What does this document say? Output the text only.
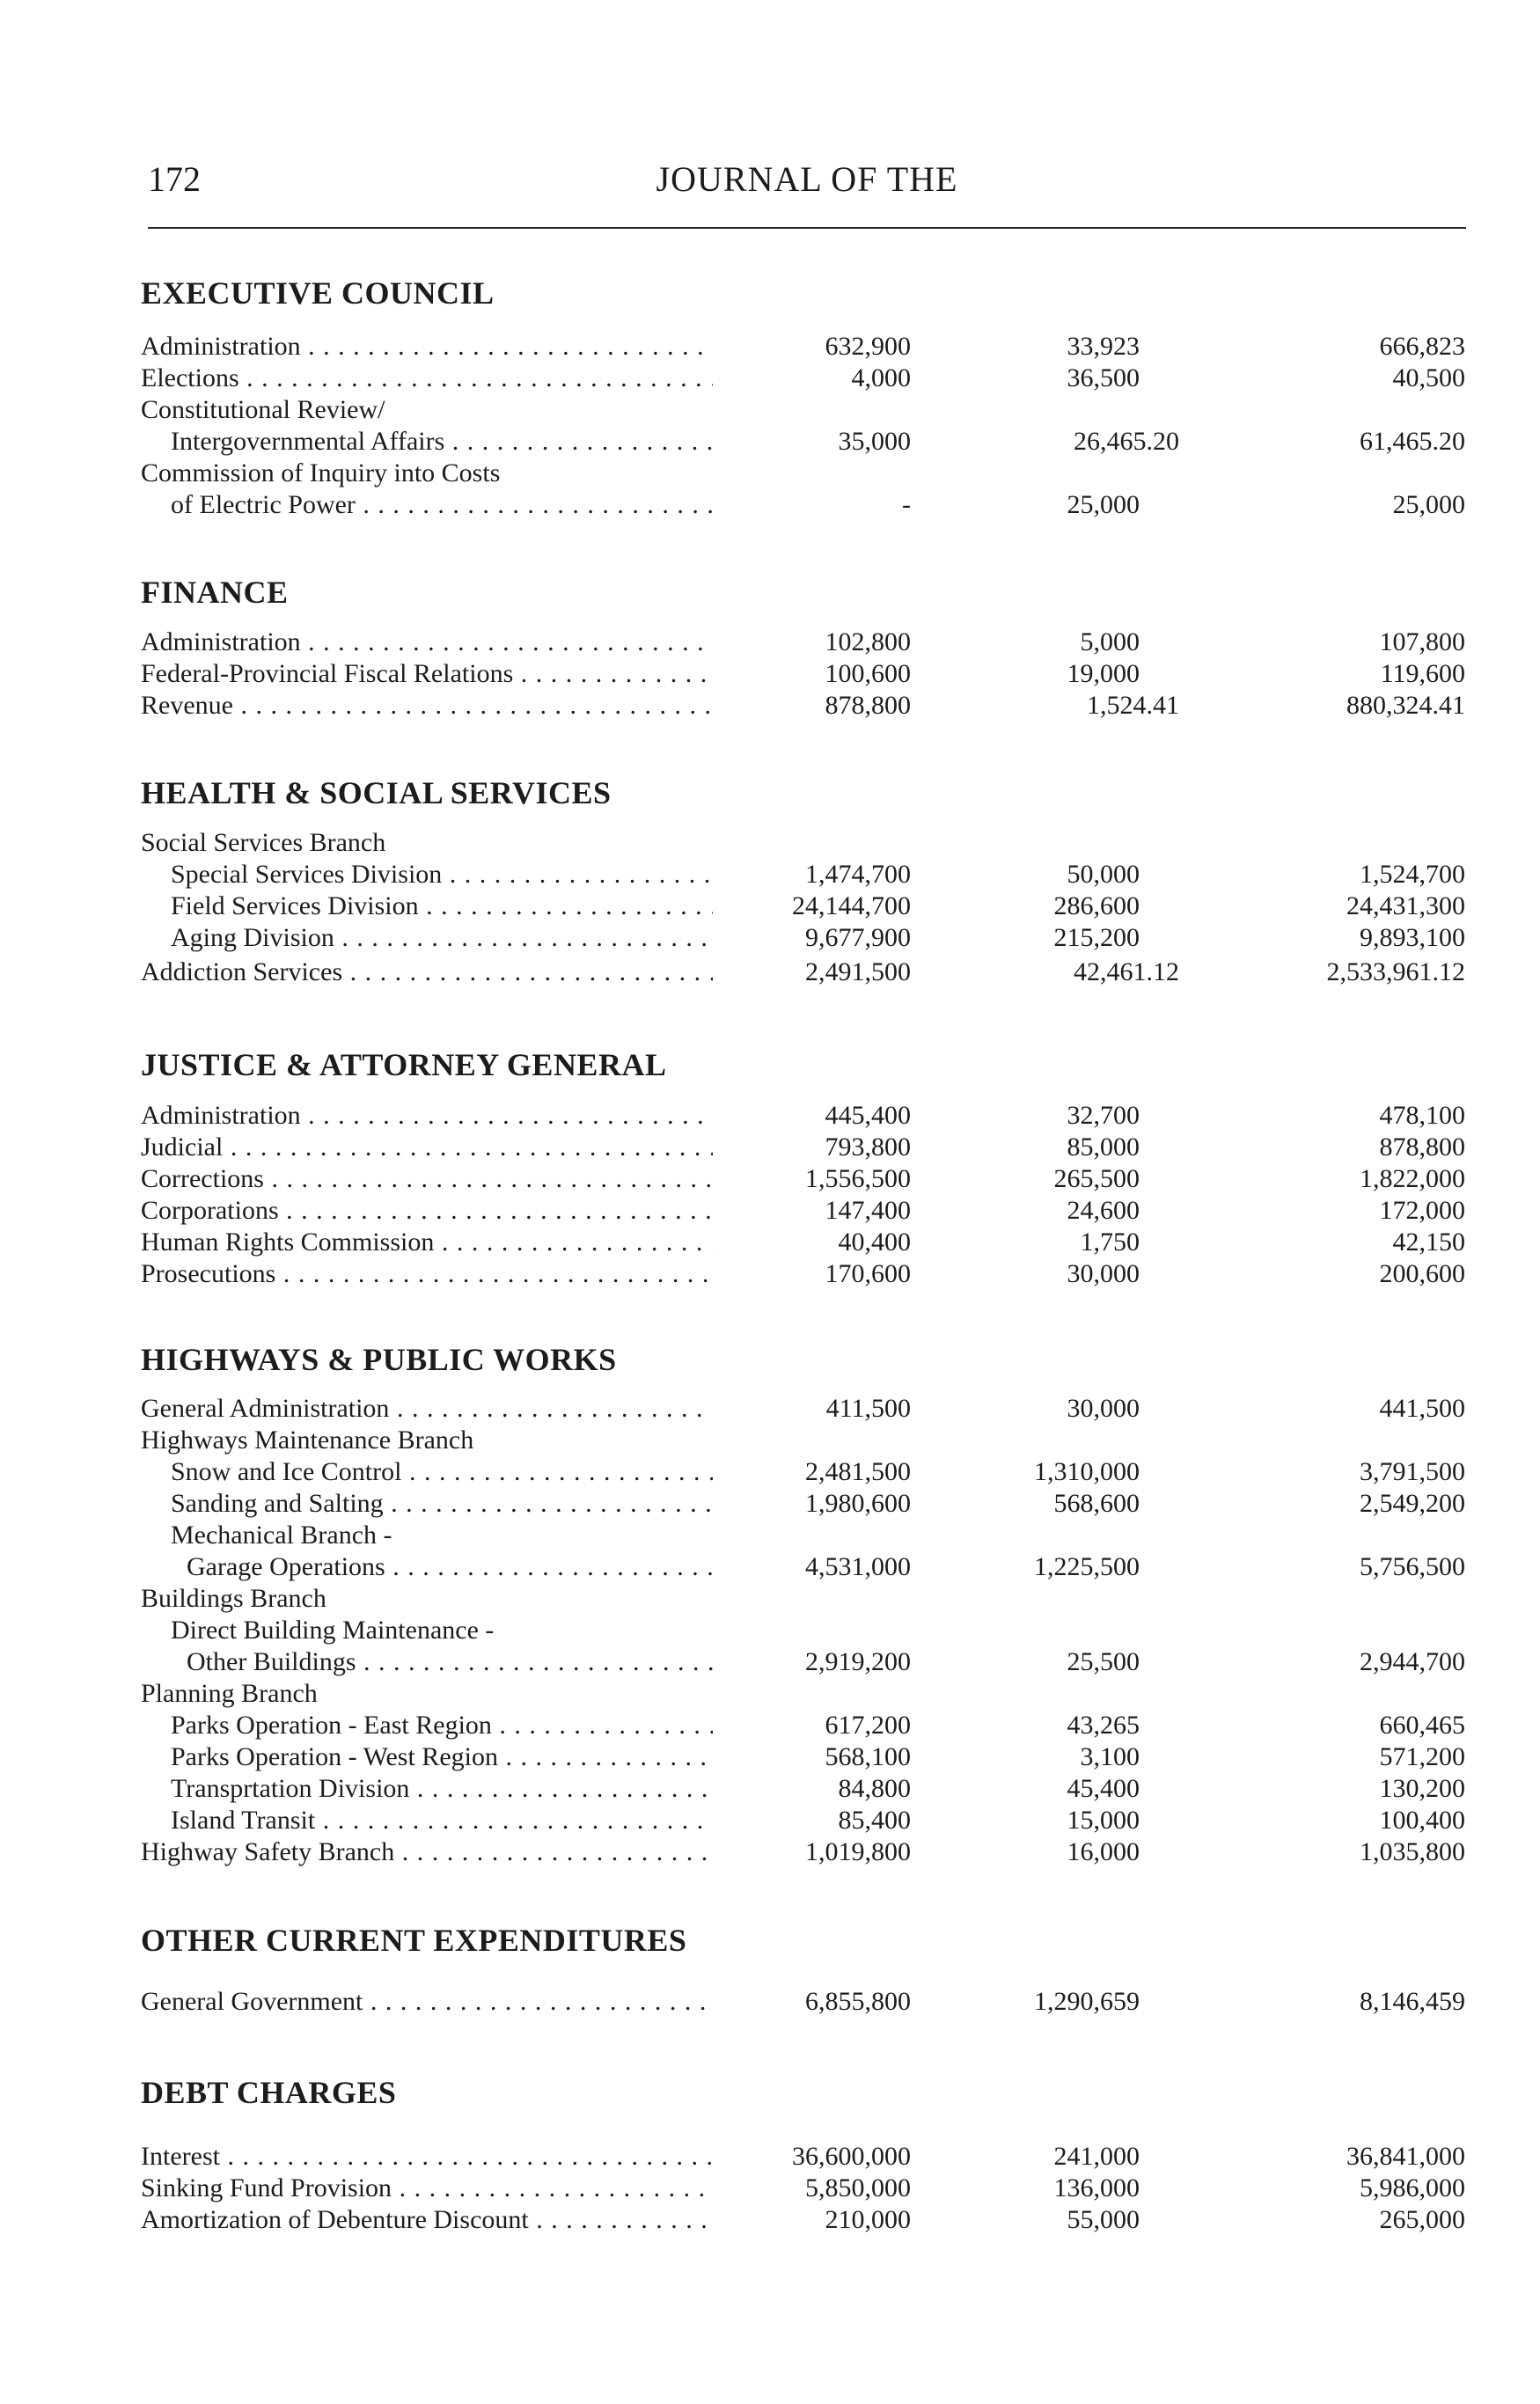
172	JOURNAL OF THE
EXECUTIVE COUNCIL
Administration . . .	632,900	33,923	666,823
Elections . . .	4,000	36,500	40,500
Constitutional Review/
Intergovernmental Affairs . . .	35,000	26,465.20	61,465.20
Commission of Inquiry into Costs
of Electric Power . . .	-	25,000	25,000
FINANCE
Administration . . .	102,800	5,000	107,800
Federal-Provincial Fiscal Relations . . .	100,600	19,000	119,600
Revenue . . .	878,800	1,524.41	880,324.41
HEALTH & SOCIAL SERVICES
Social Services Branch
Special Services Division . . .	1,474,700	50,000	1,524,700
Field Services Division . . .	24,144,700	286,600	24,431,300
Aging Division . . .	9,677,900	215,200	9,893,100
Addiction Services . . .	2,491,500	42,461.12	2,533,961.12
JUSTICE & ATTORNEY GENERAL
Administration . . .	445,400	32,700	478,100
Judicial . . .	793,800	85,000	878,800
Corrections . . .	1,556,500	265,500	1,822,000
Corporations . . .	147,400	24,600	172,000
Human Rights Commission . . .	40,400	1,750	42,150
Prosecutions . . .	170,600	30,000	200,600
HIGHWAYS & PUBLIC WORKS
General Administration . . .	411,500	30,000	441,500
Highways Maintenance Branch
Snow and Ice Control . . .	2,481,500	1,310,000	3,791,500
Sanding and Salting . . .	1,980,600	568,600	2,549,200
Mechanical Branch -
Garage Operations . . .	4,531,000	1,225,500	5,756,500
Buildings Branch
Direct Building Maintenance -
Other Buildings . . .	2,919,200	25,500	2,944,700
Planning Branch
Parks Operation - East Region . . .	617,200	43,265	660,465
Parks Operation - West Region . . .	568,100	3,100	571,200
Transprtation Division . . .	84,800	45,400	130,200
Island Transit . . .	85,400	15,000	100,400
Highway Safety Branch . . .	1,019,800	16,000	1,035,800
OTHER CURRENT EXPENDITURES
General Government . . .	6,855,800	1,290,659	8,146,459
DEBT CHARGES
Interest . . .	36,600,000	241,000	36,841,000
Sinking Fund Provision . . .	5,850,000	136,000	5,986,000
Amortization of Debenture Discount . . .	210,000	55,000	265,000
